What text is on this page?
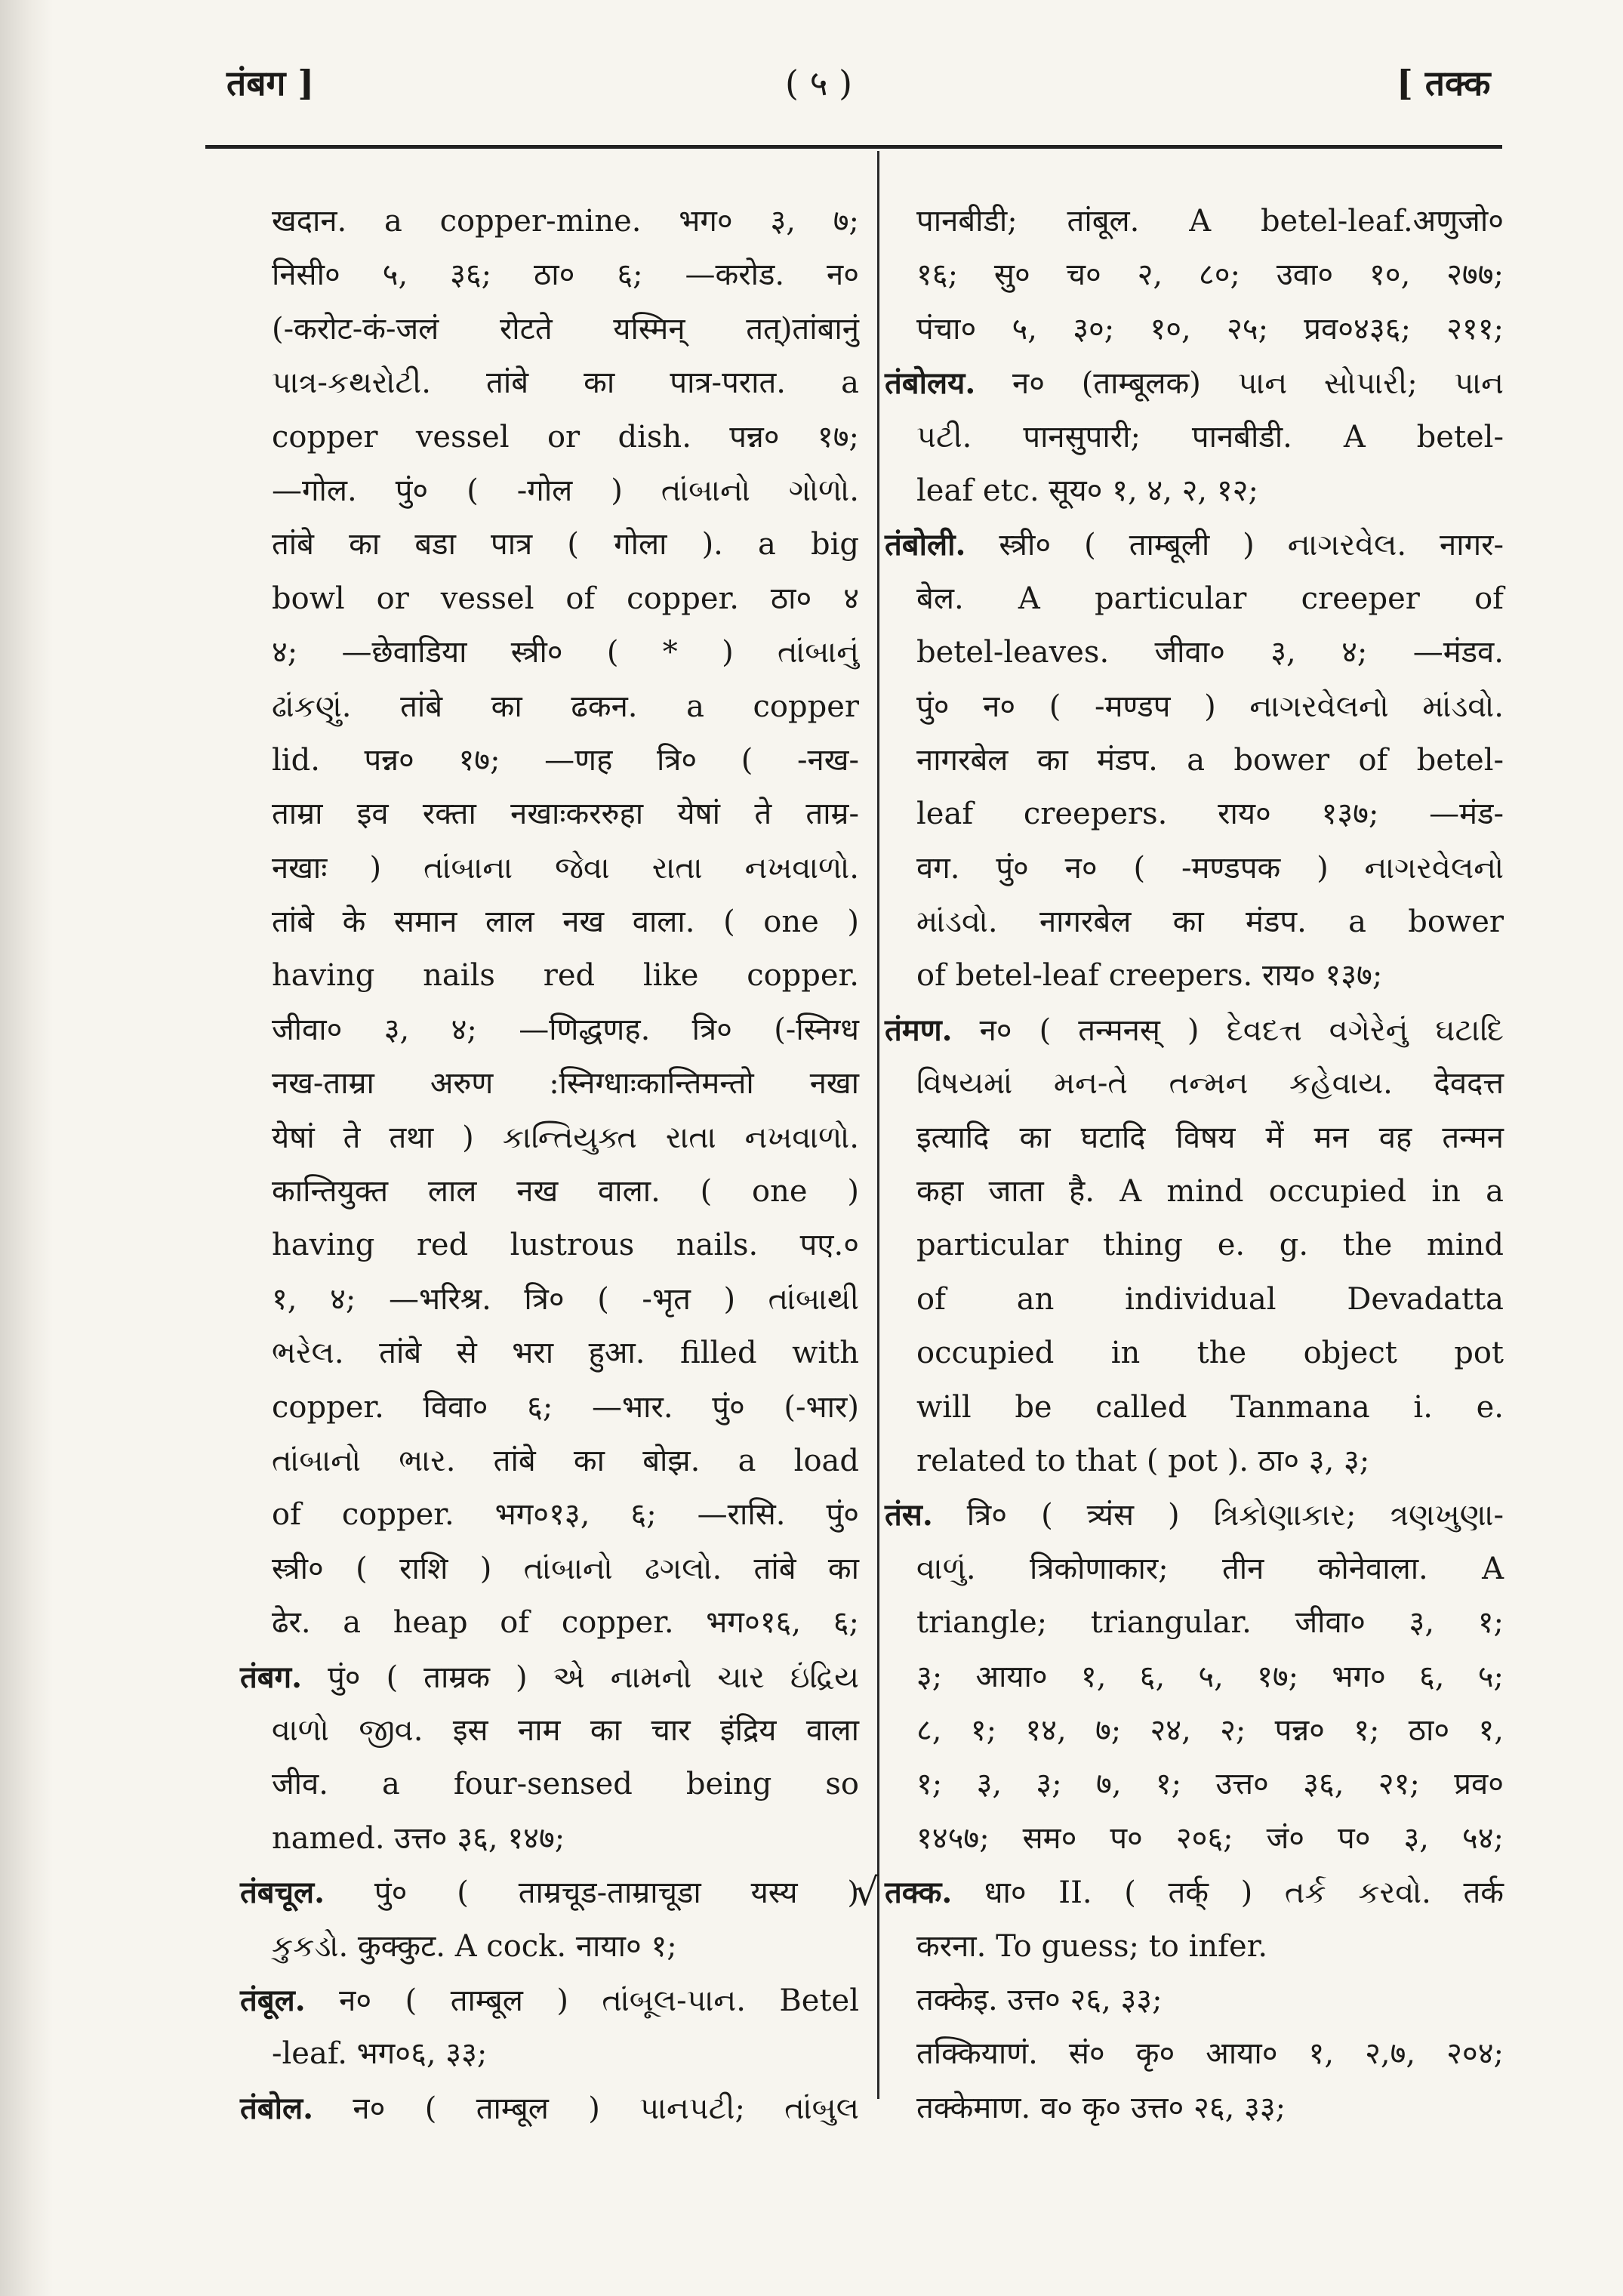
तंबग ]	( ५ )	[ तक्क
खदान. a copper-mine. भग० ३, ७;
निसी० ५, ३६; ठा० ६; —करोड. न०
(-करोट-कं-जलं रोटते यस्मिन् तत्)तांबानुं
પાત્ર-કથરોટી. तांबे का पात्र-परात. a
copper vessel or dish. पन्न० १७;
—गोल. पुं० ( -गोल ) તાંબાનો ગોળો.
तांबे का बडा पात्र ( गोला ). a big
bowl or vessel of copper. ठा० ४
४; —छेवाडिया स्त्री० ( * ) તાંબાનું
ઢાંકણું. तांबे का ढकन. a copper
lid. पन्न० १७; —णह त्रि० ( -नख-
ताम्रा इव रक्ता नखाःकररुहा येषां ते ताम्र-
नखाः ) તાંબાના જેવા રાતા નખવાળો.
तांबे के समान लाल नख वाला. ( one )
having nails red like copper.
जीवा० ३, ४; —णिद्धणह. त्रि० (-स्निग्ध
नख-ताम्रा अरुण :स्निग्धाःकान्तिमन्तो नखा
येषां ते तथा ) કાન્તિયુક્ત રાતા નખવાળો.
कान्तियुक्त लाल नख वाला. ( one )
having red lustrous nails. पए.०
१, ४; —भरिश्र. त्रि० ( -भृत ) તાંબાથી
ભરેલ. तांबे से भरा हुआ. filled with
copper. विवा० ६; —भार. पुं० (-भार)
તાંબાનો ભાર. तांबे का बोझ. a load
of copper. भग०१३, ६; —रासि. पुं०
स्त्री० ( राशि ) તાંબાનો ઢગલો. तांबे का
ढेर. a heap of copper. भग०१६, ६;
तंबग. पुं० ( ताम्रक ) એ નામનો ચાર ઇંદ્રિય
વાળો જીવ. इस नाम का चार इंद्रिय वाला
जीव. a four-sensed being so
named. उत्त० ३६, १४७;
तंबचूल. पुं० ( ताम्रचूड-ताम्राचूडा यस्य )
કુકડો. कुक्कुट. A cock. नाया० १;
तंबूल. न० ( ताम्बूल ) તાંબૂલ-પાન. Betel
-leaf. भग०६, ३३;
तंबोल. न० ( ताम्बूल ) પાનપટી; તાંબુલ
पानबीडी; तांबूल. A betel-leaf.अणुजो०
१६; सु० च० २, ८०; उवा० १०, २७७;
पंचा० ५, ३०; १०, २५; प्रव०४३६; २११;
तंबोलय. न० (ताम्बूलक) પાન સોપારી; પાન
પટી. पानसुपारी; पानबीडी. A betel-
leaf etc. सूय० १, ४, २, १२;
तंबोली. स्त्री० ( ताम्बूली ) નાગરવેલ. नागर-
बेल. A particular creeper of
betel-leaves. जीवा० ३, ४; —मंडव.
पुं० न० ( -मण्डप ) નાગરવેલનો માંડવો.
नागरबेल का मंडप. a bower of betel-
leaf creepers. राय० १३७; —मंड-
वग. पुं० न० ( -मण्डपक ) નાગરવેલનો
માંડવો. नागरबेल का मंडप. a bower
of betel-leaf creepers. राय० १३७;
तंमण. न० ( तन्मनस् ) દેવદત્ત વગેરેનું ઘટાદિ
વિષયમાં મન-તે તન્મન કહેવાય. देवदत्त
इत्यादि का घटादि विषय में मन वह तन्मन
कहा जाता है. A mind occupied in a
particular thing e. g. the mind
of an individual Devadatta
occupied in the object pot
will be called Tanmana i. e.
related to that ( pot ). ठा० ३, ३;
तंस. त्रि० ( त्र्यंस ) ત્રિકોણાકાર; ત્રણખુણા-
વાળું. त्रिकोणाकार; तीन कोनेवाला. A
triangle; triangular. जीवा० ३, १;
३; आया० १, ६, ५, १७; भग० ६, ५;
८, १; १४, ७; २४, २; पन्न० १; ठा० १,
१; ३, ३; ७, १; उत्त० ३६, २१; प्रव०
१४५७; सम० प० २०६; जं० प० ३, ५४;
√ तक्क. धा० II. ( तर्क् ) તર્ક કરવો. तर्क
करना. To guess; to infer.
तक्केइ. उत्त० २६, ३३;
तक्कियाणं. सं० कृ० आया० १, २,७, २०४;
तक्केमाण. व० कृ० उत्त० २६, ३३;
